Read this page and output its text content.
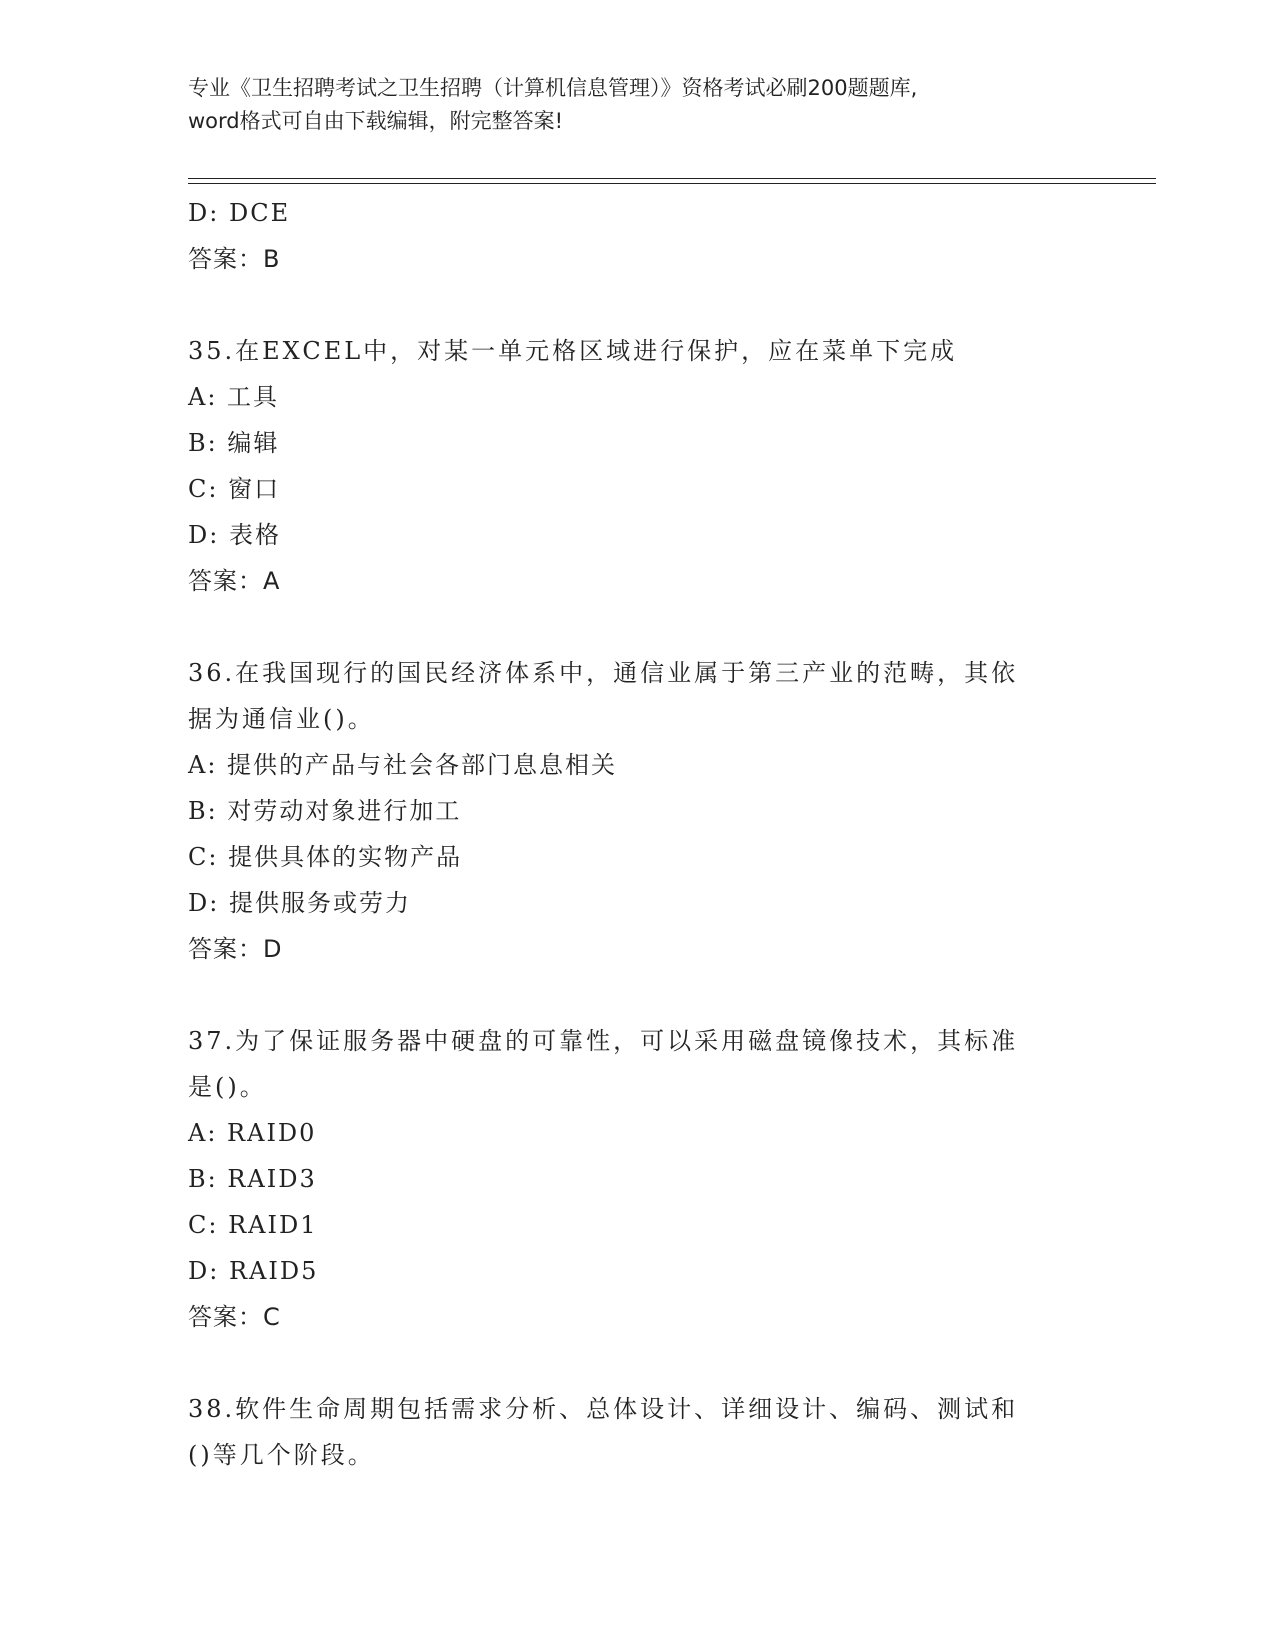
专业《卫生招聘考试之卫生招聘（计算机信息管理）》资格考试必刷200题题库,
word格式可自由下载编辑，附完整答案!
D: DCE
答案：B
35.在EXCEL中，对某一单元格区域进行保护，应在菜单下完成
A: 工具
B: 编辑
C: 窗口
D: 表格
答案：A
36.在我国现行的国民经济体系中，通信业属于第三产业的范畴，其依
据为通信业()。
A: 提供的产品与社会各部门息息相关
B: 对劳动对象进行加工
C: 提供具体的实物产品
D: 提供服务或劳力
答案：D
37.为了保证服务器中硬盘的可靠性，可以采用磁盘镜像技术，其标准
是()。
A: RAID0
B: RAID3
C: RAID1
D: RAID5
答案：C
38.软件生命周期包括需求分析、总体设计、详细设计、编码、测试和
()等几个阶段。
